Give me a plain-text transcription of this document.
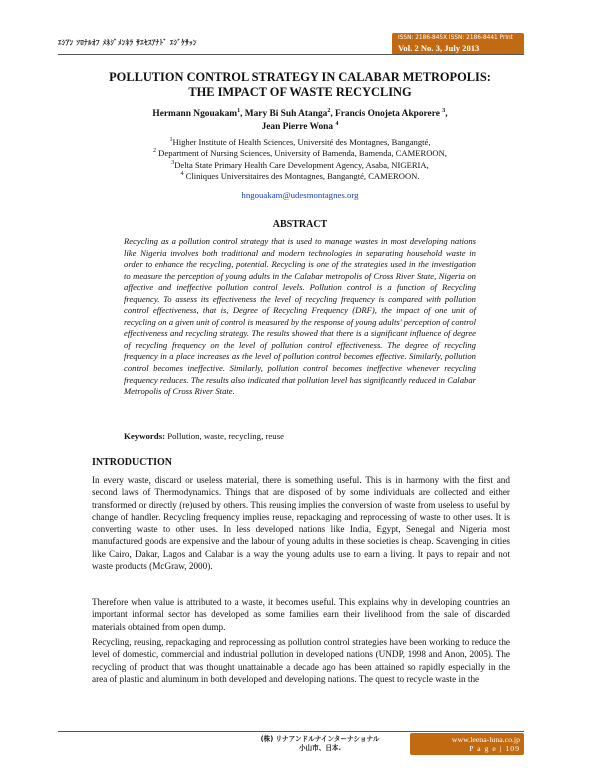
ｴｼｱﾝ ｿﾛﾅﾙｵﾌ ﾒﾈｼﾞﾒﾝﾈﾗ ｻｴｾｽｱﾅﾄﾞ ｴｼﾞｹｻｯﾝ	ISSN: 2186-845X ISSN: 2186-8441 Print
Vol. 2 No. 3, July 2013
POLLUTION CONTROL STRATEGY IN CALABAR METROPOLIS:
THE IMPACT OF WASTE RECYCLING
Hermann Ngouakam$^1$, Mary Bi Suh Atanga$^2$, Francis Onojeta Akporere $^3$,
Jean Pierre Wona $^4$
$^1$Higher Institute of Health Sciences, Université des Montagnes, Bangangté,
$^2$ Department of Nursing Sciences, University of Bamenda, Bamenda, CAMEROON,
$^3$Delta State Primary Health Care Development Agency, Asaba, NIGERIA,
$^4$ Cliniques Universitaires des Montagnes, Bangangté, CAMEROON.
hngouakam@udesmontagnes.org
ABSTRACT
Recycling as a pollution control strategy that is used to manage wastes in most developing nations like Nigeria involves both traditional and modern technologies in separating household waste in order to enhance the recycling, potential. Recycling is one of the strategies used in the investigation to measure the perception of young adults in the Calabar metropolis of Cross River State, Nigeria on affective and ineffective pollution control levels. Pollution control is a function of Recycling frequency. To assess its effectiveness the level of recycling frequency is compared with pollution control effectiveness, that is, Degree of Recycling Frequency (DRF), the impact of one unit of recycling on a given unit of control is measured by the response of young adults' perception of control effectiveness and recycling strategy. The results showed that there is a significant influence of degree of recycling frequency on the level of pollution control effectiveness. The degree of recycling frequency in a place increases as the level of pollution control becomes effective. Similarly, pollution control becomes ineffective. Similarly, pollution control becomes ineffective whenever recycling frequency reduces. The results also indicated that pollution level has significantly reduced in Calabar Metropolis of Cross River State.
Keywords: Pollution, waste, recycling, reuse
INTRODUCTION

In every waste, discard or useless material, there is something useful. This is in harmony with the first and second laws of Thermodynamics. Things that are disposed of by some individuals are collected and either transformed or directly (re)used by others. This reusing implies the conversion of waste from useless to useful by change of handler. Recycling frequency implies reuse, repackaging and reprocessing of waste to other uses. It is converting waste to other uses. In less developed nations like India, Egypt, Senegal and Nigeria most manufactured goods are expensive and the labour of young adults in these societies is cheap. Scavenging in cities like Cairo, Dakar, Lagos and Calabar is a way the young adults use to earn a living. It pays to repair and not waste products (McGraw, 2000).

Therefore when value is attributed to a waste, it becomes useful. This explains why in developing countries an important informal sector has developed as some families earn their livelihood from the sale of discarded materials obtained from open dump.

Recycling, reusing, repackaging and reprocessing as pollution control strategies have been working to reduce the level of domestic, commercial and industrial pollution in developed nations (UNDP, 1998 and Anon, 2005). The recycling of product that was thought unattainable a decade ago has been attained so rapidly especially in the area of plastic and aluminum in both developed and developing nations. The quest to recycle waste in the

(株) リナアンドルナインターナショナル
小山市、日本.
www.leena-luna.co.jp
P a g e | 109
